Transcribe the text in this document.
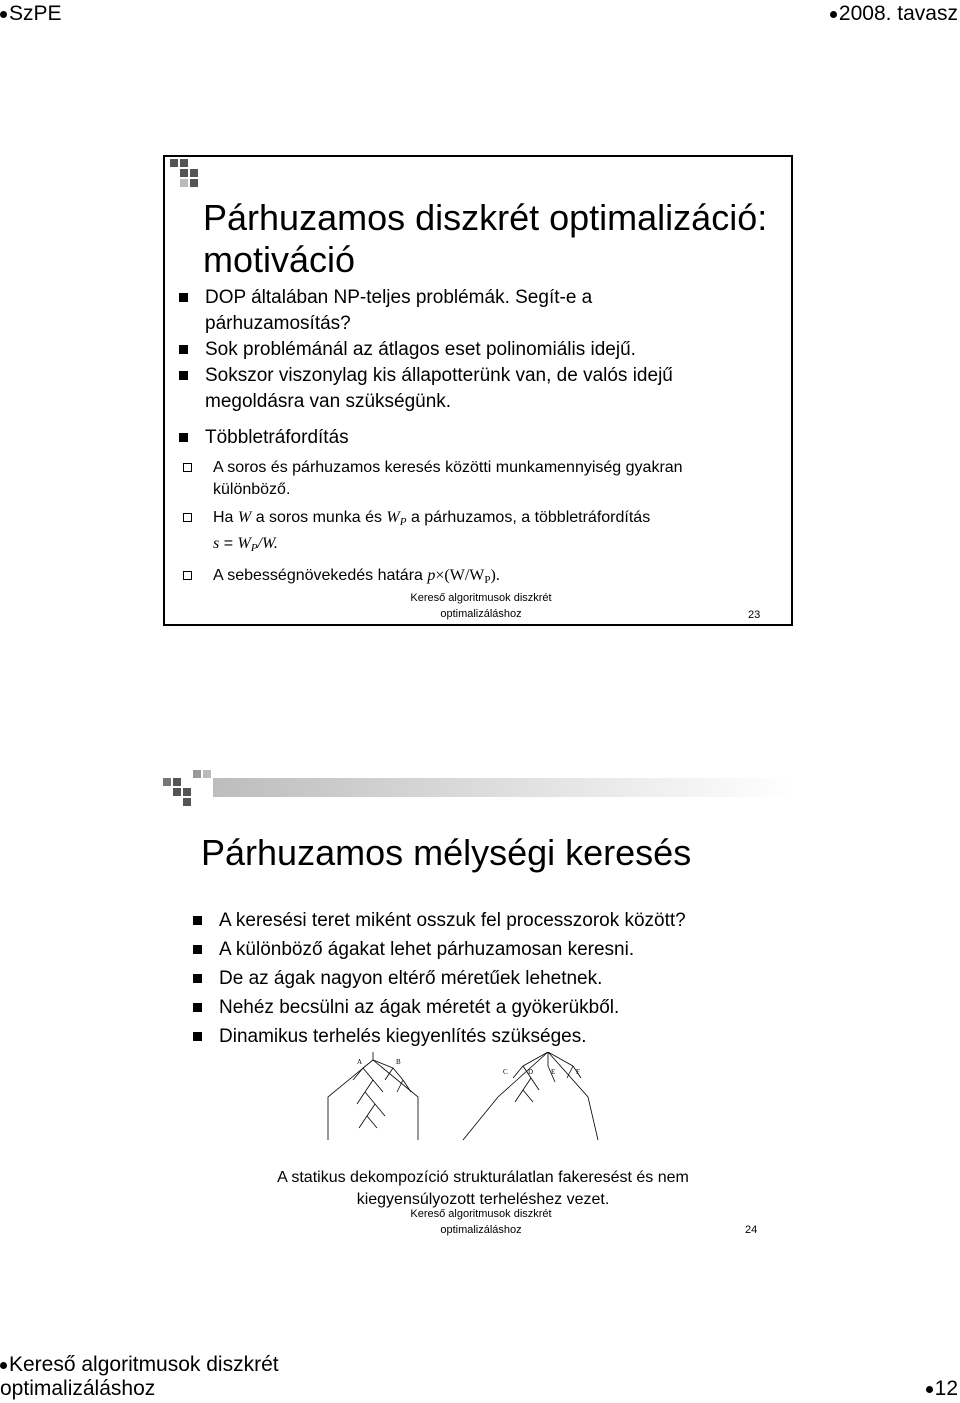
SzPE	2008. tavasz
Párhuzamos diszkrét optimalizáció:
motiváció
DOP általában NP-teljes problémák. Segít-e a
párhuzamosítás?
Sok problémánál az átlagos eset polinomiális idejű.
Sokszor viszonylag kis állapotterünk van, de valós idejű
megoldásra van szükségünk.
Többletráfordítás
A soros és párhuzamos keresés közötti munkamennyiség gyakran
különböző.
Ha W a soros munka és $W_P$ a párhuzamos, a többletráfordítás
$s = W_P/W$.
A sebességnövekedés határa $p\times(W/W_P)$.
Kereső algoritmusok diszkrét
optimalizáláshoz	23
Párhuzamos mélységi keresés
A keresési teret miként osszuk fel processzorok között?
A különböző ágakat lehet párhuzamosan keresni.
De az ágak nagyon eltérő méretűek lehetnek.
Nehéz becsülni az ágak méretét a gyökerükből.
Dinamikus terhelés kiegyenlítés szükséges.
A	B
C	D	E	F
A statikus dekompozíció strukturálatlan fakeresést és nem
kiegyensúlyozott terheléshez vezet.
Kereső algoritmusok diszkrét
optimalizáláshoz	24
Kereső algoritmusok diszkrét
optimalizáláshoz	12
